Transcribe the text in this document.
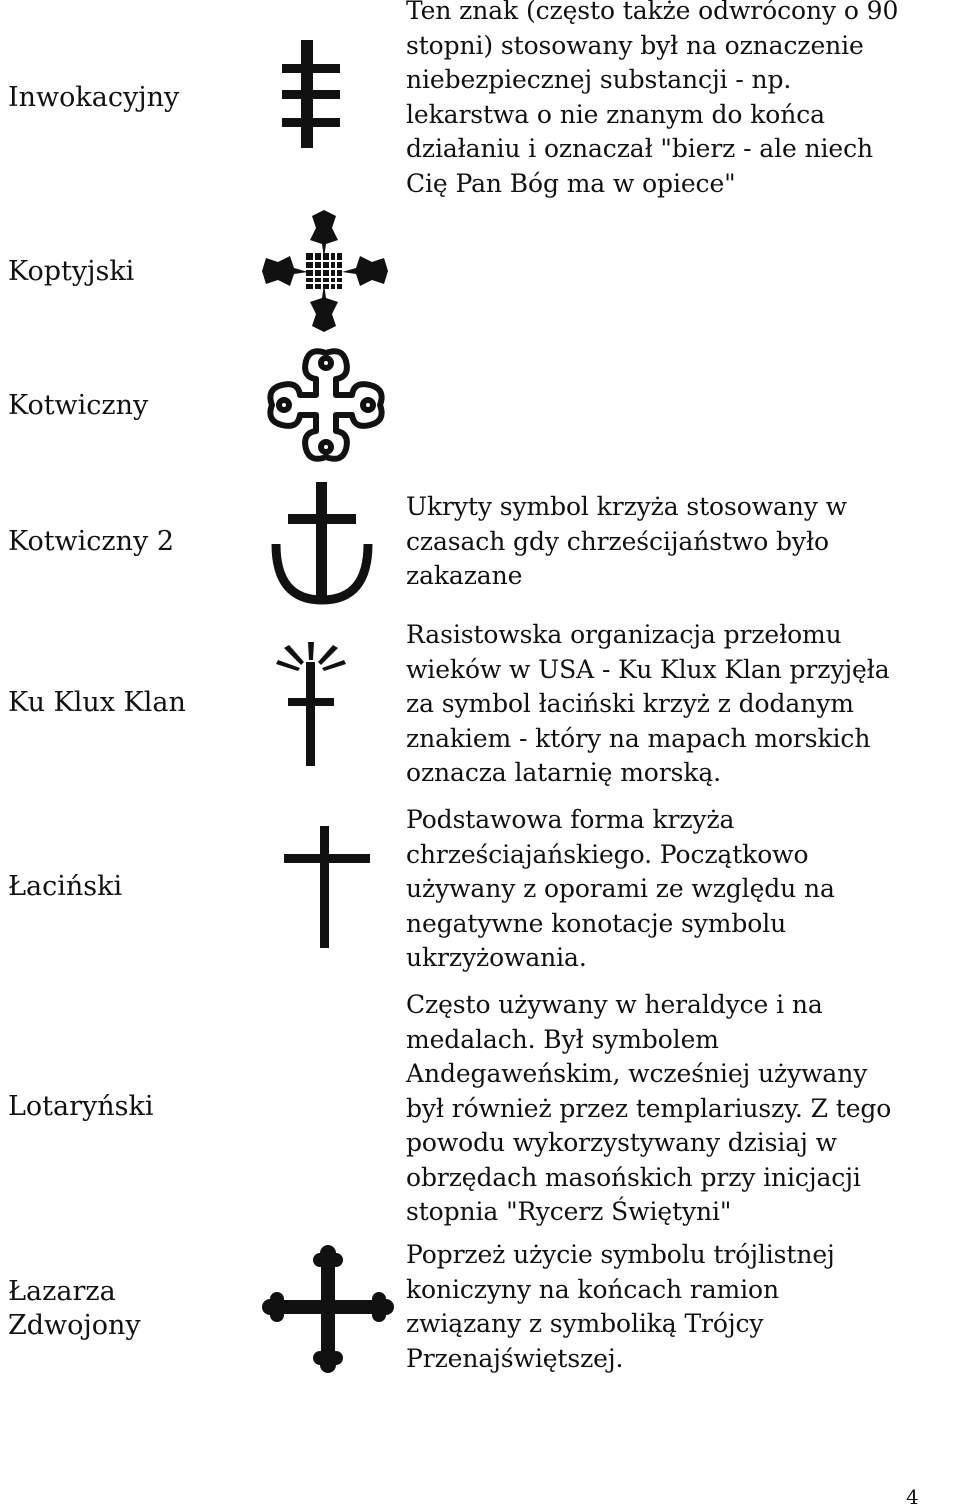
Inwokacyjny
Ten znak (często także odwrócony o 90
stopni) stosowany był na oznaczenie
niebezpiecznej substancji - np.
lekarstwa o nie znanym do końca
działaniu i oznaczał "bierz - ale niech
Cię Pan Bóg ma w opiece"
Koptyjski
Kotwiczny
Kotwiczny 2
Ukryty symbol krzyża stosowany w
czasach gdy chrześcijaństwo było
zakazane
Ku Klux Klan
Rasistowska organizacja przełomu
wieków w USA - Ku Klux Klan przyjęła
za symbol łaciński krzyż z dodanym
znakiem - który na mapach morskich
oznacza latarnię morską.
Łaciński
Podstawowa forma krzyża
chrześciajańskiego. Początkowo
używany z oporami ze względu na
negatywne konotacje symbolu
ukrzyżowania.
Lotaryński
Często używany w heraldyce i na
medalach. Był symbolem
Andegaweńskim, wcześniej używany
był również przez templariuszy. Z tego
powodu wykorzystywany dzisiaj w
obrzędach masońskich przy inicjacji
stopnia "Rycerz Świętyni"
Łazarza
Zdwojony
Poprzeż użycie symbolu trójlistnej
koniczyny na końcach ramion
związany z symboliką Trójcy
Przenajświętszej.
4
